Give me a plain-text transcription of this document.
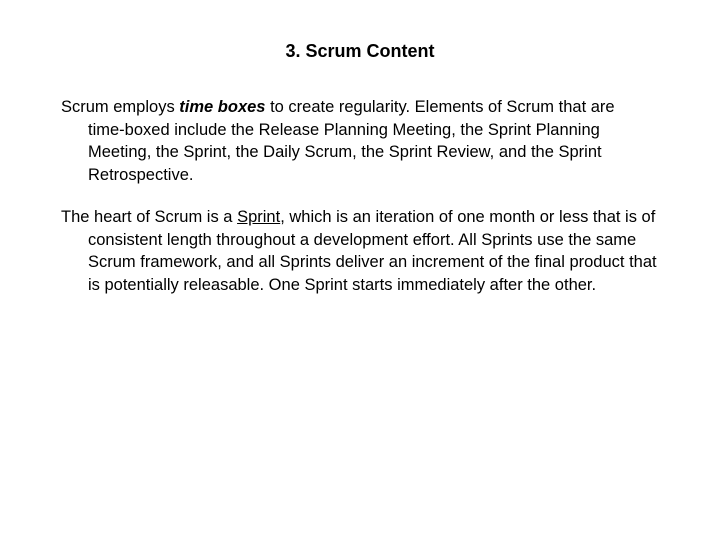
3. Scrum Content

Scrum employs time boxes to create regularity. Elements of Scrum that are time-boxed include the Release Planning Meeting, the Sprint Planning Meeting, the Sprint, the Daily Scrum, the Sprint Review, and the Sprint Retrospective.

The heart of Scrum is a Sprint, which is an iteration of one month or less that is of consistent length throughout a development effort. All Sprints use the same Scrum framework, and all Sprints deliver an increment of the final product that is potentially releasable. One Sprint starts immediately after the other.
